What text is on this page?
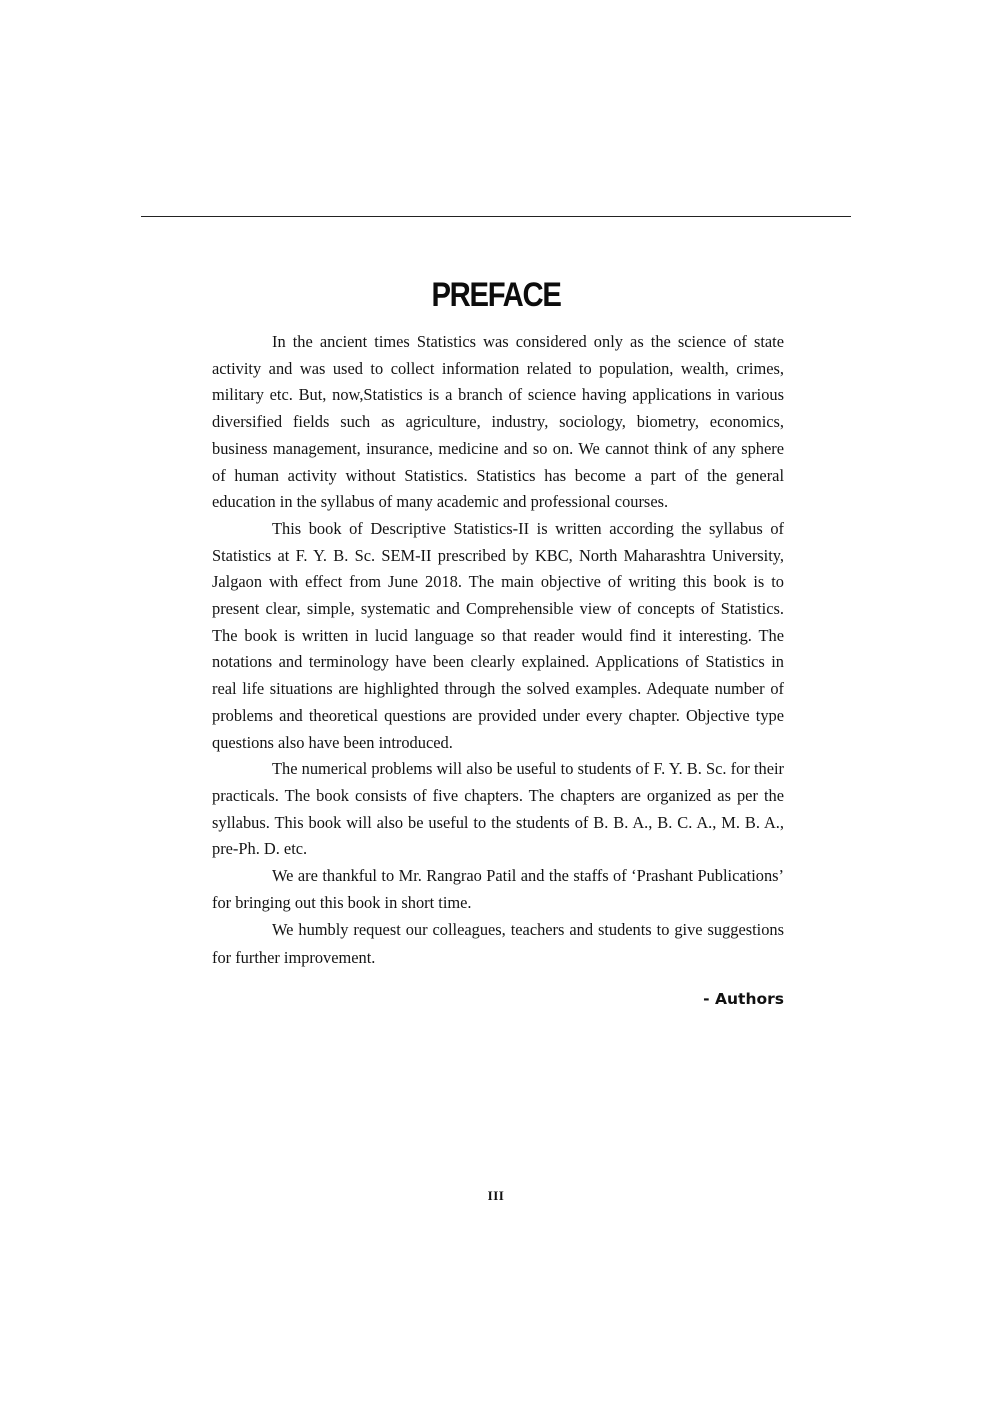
PREFACE

In the ancient times Statistics was considered only as the science of state activity and was used to collect information related to population, wealth, crimes, military etc. But, now,Statistics is a branch of science having applications in various diversified fields such as agriculture, industry, sociology, biometry, economics, business management, insurance, medicine and so on. We cannot think of any sphere of human activity without Statistics. Statistics has become a part of the general education in the syllabus of many academic and professional courses.

This book of Descriptive Statistics-II is written according the syllabus of Statistics at F. Y. B. Sc. SEM-II prescribed by KBC, North Maharashtra University, Jalgaon with effect from June 2018. The main objective of writing this book is to present clear, simple, systematic and Comprehensible view of concepts of Statistics. The book is written in lucid language so that reader would find it interesting. The notations and terminology have been clearly explained. Applications of Statistics in real life situations are highlighted through the solved examples. Adequate number of problems and theoretical questions are provided under every chapter. Objective type questions also have been introduced.

The numerical problems will also be useful to students of F. Y. B. Sc. for their practicals. The book consists of five chapters. The chapters are organized as per the syllabus. This book will also be useful to the students of B. B. A., B. C. A., M. B. A., pre-Ph. D. etc.

We are thankful to Mr. Rangrao Patil and the staffs of ‘Prashant Publications’ for bringing out this book in short time.

We humbly request our colleagues, teachers and students to give suggestions for further improvement.

- Authors
III
